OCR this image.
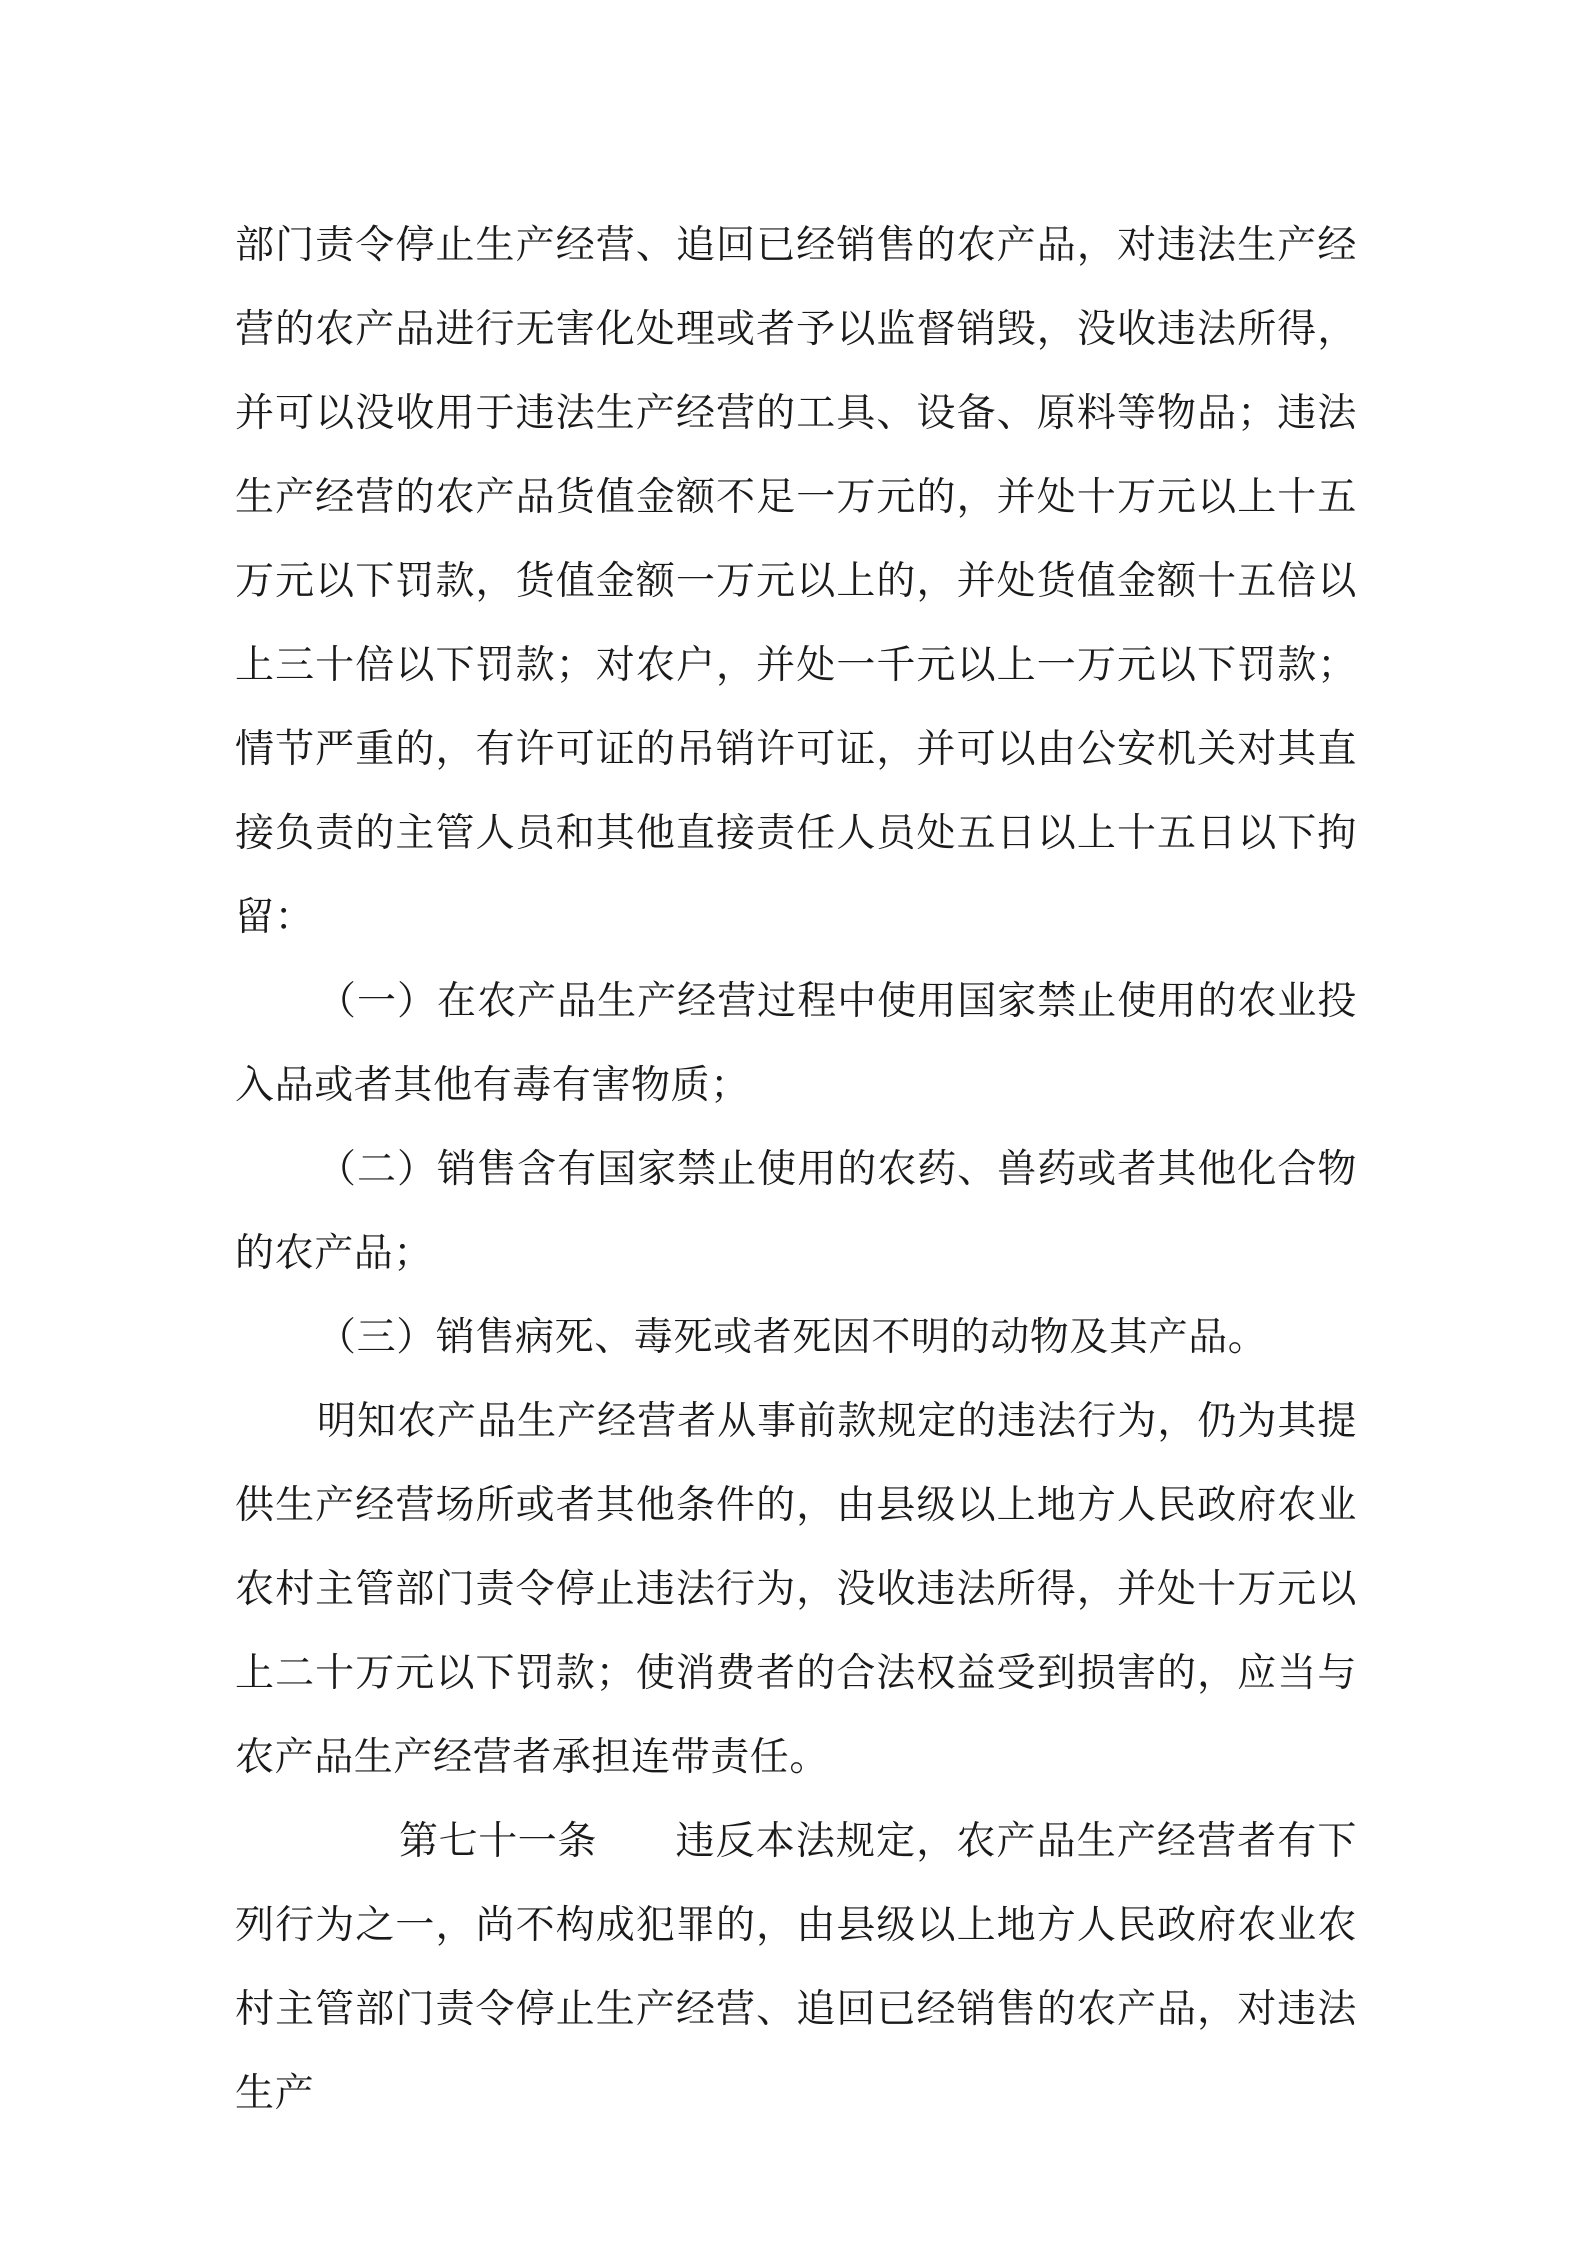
部门责令停止生产经营、追回已经销售的农产品，对违法生产经营的农产品进行无害化处理或者予以监督销毁，没收违法所得，并可以没收用于违法生产经营的工具、设备、原料等物品；违法生产经营的农产品货值金额不足一万元的，并处十万元以上十五万元以下罚款，货值金额一万元以上的，并处货值金额十五倍以上三十倍以下罚款；对农户，并处一千元以上一万元以下罚款；情节严重的，有许可证的吊销许可证，并可以由公安机关对其直接负责的主管人员和其他直接责任人员处五日以上十五日以下拘留：

（一）在农产品生产经营过程中使用国家禁止使用的农业投入品或者其他有毒有害物质；

（二）销售含有国家禁止使用的农药、兽药或者其他化合物的农产品；

（三）销售病死、毒死或者死因不明的动物及其产品。

明知农产品生产经营者从事前款规定的违法行为，仍为其提供生产经营场所或者其他条件的，由县级以上地方人民政府农业农村主管部门责令停止违法行为，没收违法所得，并处十万元以上二十万元以下罚款；使消费者的合法权益受到损害的，应当与农产品生产经营者承担连带责任。

第七十一条 违反本法规定，农产品生产经营者有下列行为之一，尚不构成犯罪的，由县级以上地方人民政府农业农村主管部门责令停止生产经营、追回已经销售的农产品，对违法生产
